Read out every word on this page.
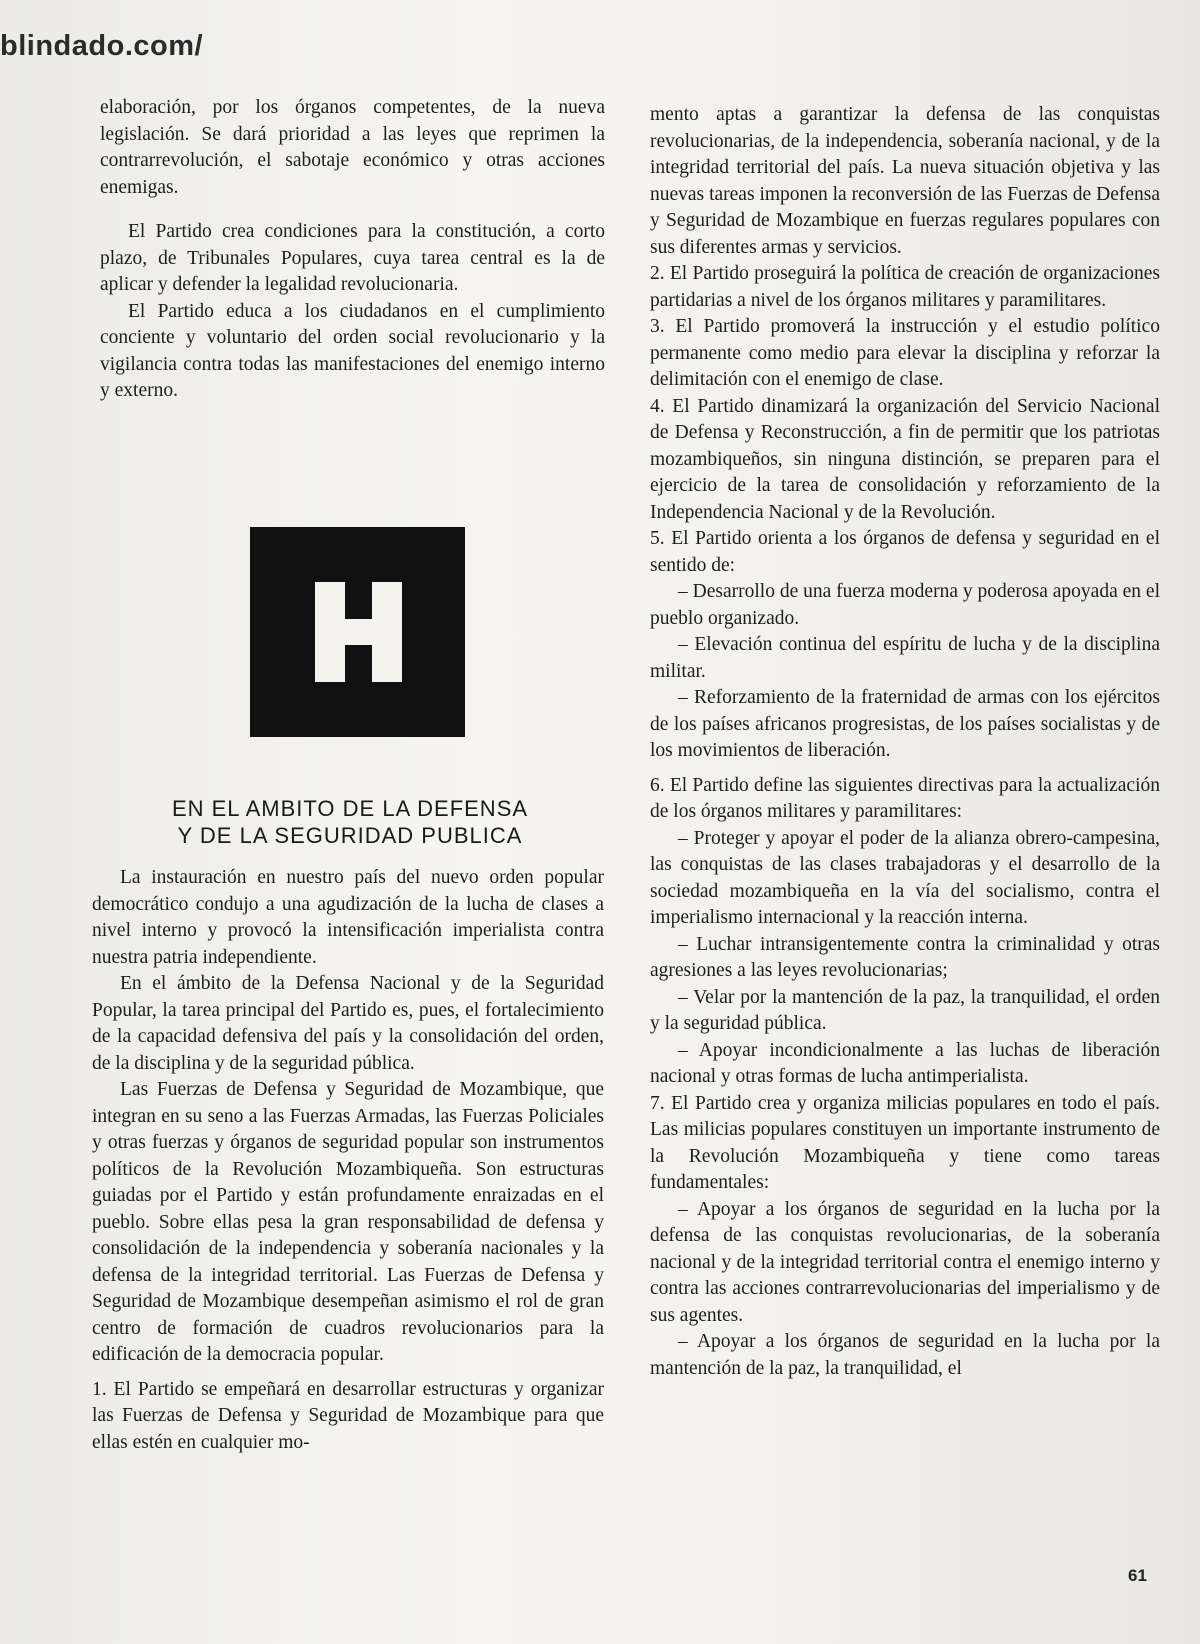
blindado.com/

elaboración, por los órganos competentes, de la nueva legislación. Se dará prioridad a las leyes que reprimen la contrarrevolución, el sabotaje económico y otras acciones enemigas.

El Partido crea condiciones para la constitución, a corto plazo, de Tribunales Populares, cuya tarea central es la de aplicar y defender la legalidad revolucionaria.

El Partido educa a los ciudadanos en el cumplimiento conciente y voluntario del orden social revolucionario y la vigilancia contra todas las manifestaciones del enemigo interno y externo.

EN EL AMBITO DE LA DEFENSA
Y DE LA SEGURIDAD PUBLICA

La instauración en nuestro país del nuevo orden popular democrático condujo a una agudización de la lucha de clases a nivel interno y provocó la intensificación imperialista contra nuestra patria independiente.

En el ámbito de la Defensa Nacional y de la Seguridad Popular, la tarea principal del Partido es, pues, el fortalecimiento de la capacidad defensiva del país y la consolidación del orden, de la disciplina y de la seguridad pública.

Las Fuerzas de Defensa y Seguridad de Mozambique, que integran en su seno a las Fuerzas Armadas, las Fuerzas Policiales y otras fuerzas y órganos de seguridad popular son instrumentos políticos de la Revolución Mozambiqueña. Son estructuras guiadas por el Partido y están profundamente enraizadas en el pueblo. Sobre ellas pesa la gran responsabilidad de defensa y consolidación de la independencia y soberanía nacionales y la defensa de la integridad territorial. Las Fuerzas de Defensa y Seguridad de Mozambique desempeñan asimismo el rol de gran centro de formación de cuadros revolucionarios para la edificación de la democracia popular.

1. El Partido se empeñará en desarrollar estructuras y organizar las Fuerzas de Defensa y Seguridad de Mozambique para que ellas estén en cualquier mo-

mento aptas a garantizar la defensa de las conquistas revolucionarias, de la independencia, soberanía nacional, y de la integridad territorial del país. La nueva situación objetiva y las nuevas tareas imponen la reconversión de las Fuerzas de Defensa y Seguridad de Mozambique en fuerzas regulares populares con sus diferentes armas y servicios.

2. El Partido proseguirá la política de creación de organizaciones partidarias a nivel de los órganos militares y paramilitares.

3. El Partido promoverá la instrucción y el estudio político permanente como medio para elevar la disciplina y reforzar la delimitación con el enemigo de clase.

4. El Partido dinamizará la organización del Servicio Nacional de Defensa y Reconstrucción, a fin de permitir que los patriotas mozambiqueños, sin ninguna distinción, se preparen para el ejercicio de la tarea de consolidación y reforzamiento de la Independencia Nacional y de la Revolución.

5. El Partido orienta a los órganos de defensa y seguridad en el sentido de:

– Desarrollo de una fuerza moderna y poderosa apoyada en el pueblo organizado.

– Elevación continua del espíritu de lucha y de la disciplina militar.

– Reforzamiento de la fraternidad de armas con los ejércitos de los países africanos progresistas, de los países socialistas y de los movimientos de liberación.

6. El Partido define las siguientes directivas para la actualización de los órganos militares y paramilitares:

– Proteger y apoyar el poder de la alianza obrero-campesina, las conquistas de las clases trabajadoras y el desarrollo de la sociedad mozambiqueña en la vía del socialismo, contra el imperialismo internacional y la reacción interna.

– Luchar intransigentemente contra la criminalidad y otras agresiones a las leyes revolucionarias;

– Velar por la mantención de la paz, la tranquilidad, el orden y la seguridad pública.

– Apoyar incondicionalmente a las luchas de liberación nacional y otras formas de lucha antimperialista.

7. El Partido crea y organiza milicias populares en todo el país. Las milicias populares constituyen un importante instrumento de la Revolución Mozambiqueña y tiene como tareas fundamentales:

– Apoyar a los órganos de seguridad en la lucha por la defensa de las conquistas revolucionarias, de la soberanía nacional y de la integridad territorial contra el enemigo interno y contra las acciones contrarrevolucionarias del imperialismo y de sus agentes.

– Apoyar a los órganos de seguridad en la lucha por la mantención de la paz, la tranquilidad, el

61
